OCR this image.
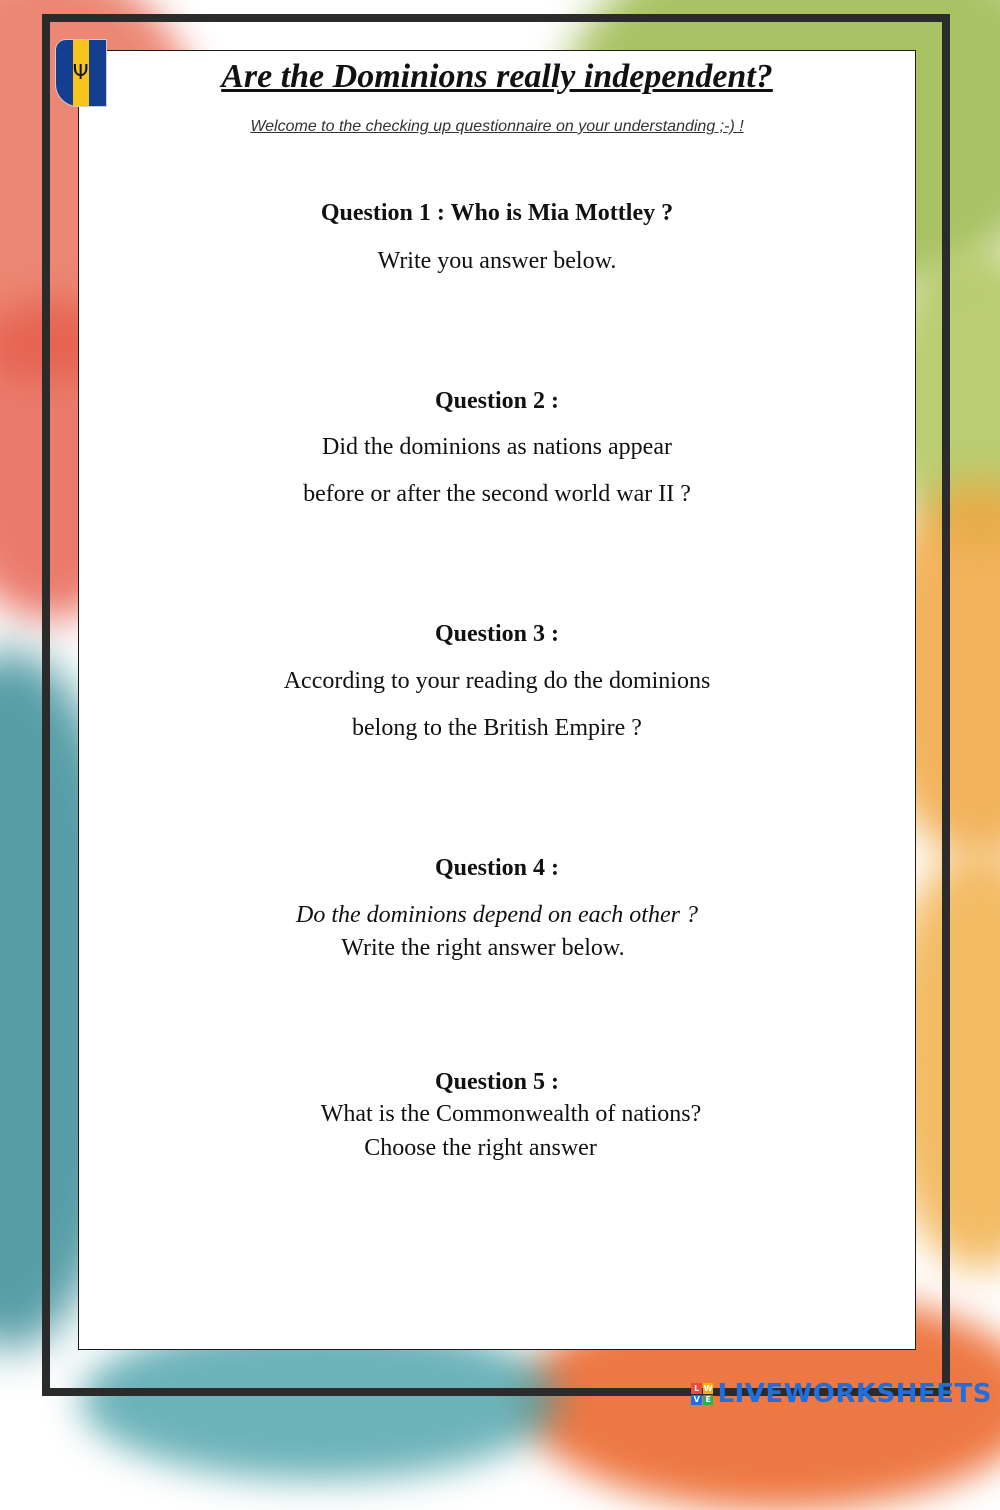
Ψ	Are the Dominions really independent?
Welcome to the checking up questionnaire on your understanding ;-) !
Question 1 : Who is Mia Mottley ?
Write you answer below.
Question 2 :
Did the dominions as nations appear
before or after the second world war II ?
Question 3 :
According to your reading do the dominions
belong to the British Empire ?
Question 4 :
Do the dominions depend on each other ?
Write the right answer below.
Question 5 :
What is the Commonwealth of nations?
Choose the right answer
L W
V E LIVEWORKSHEETS
